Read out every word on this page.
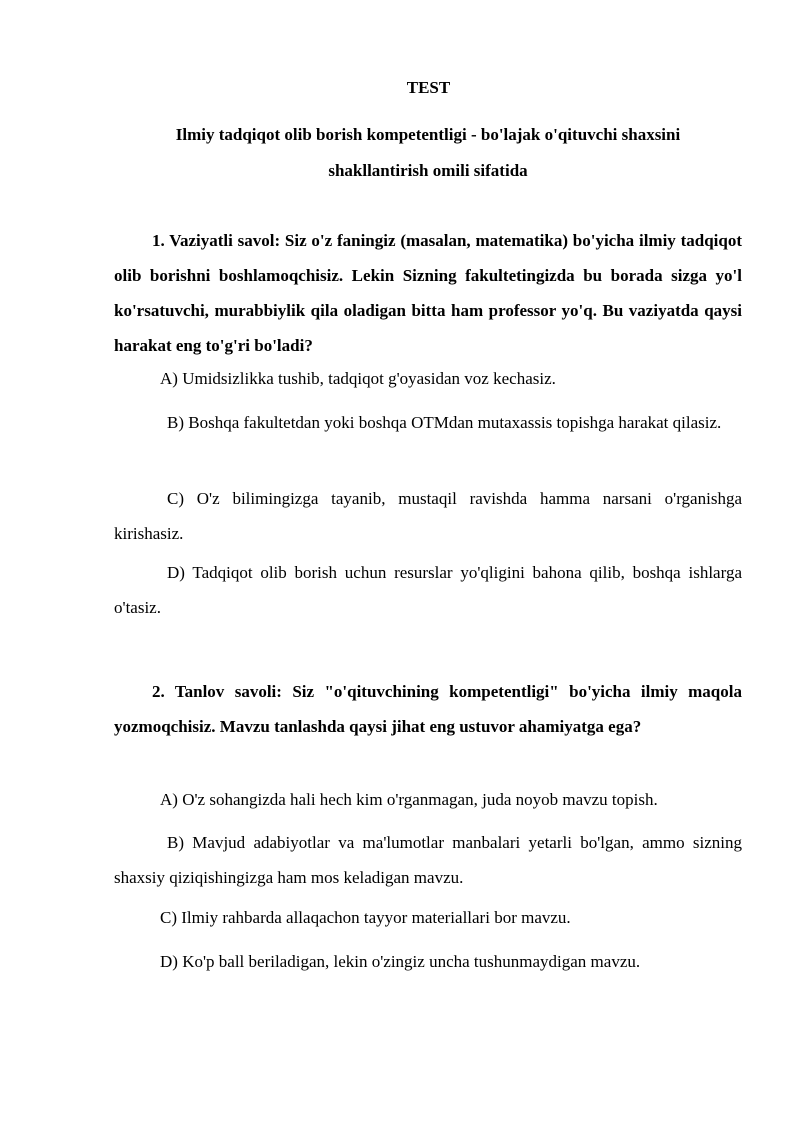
TEST
Ilmiy tadqiqot olib borish kompetentligi - bo'lajak o'qituvchi shaxsini shakllantirish omili sifatida
1. Vaziyatli savol: Siz o'z faningiz (masalan, matematika) bo'yicha ilmiy tadqiqot olib borishni boshlamoqchisiz. Lekin Sizning fakultetingizda bu borada sizga yo'l ko'rsatuvchi, murabbiylik qila oladigan bitta ham professor yo'q. Bu vaziyatda qaysi harakat eng to'g'ri bo'ladi?
A) Umidsizlikka tushib, tadqiqot g'oyasidan voz kechasiz.
B) Boshqa fakultetdan yoki boshqa OTMdan mutaxassis topishga harakat qilasiz.
C) O'z bilimingizga tayanib, mustaqil ravishda hamma narsani o'rganishga kirishasiz.
D) Tadqiqot olib borish uchun resurslar yo'qligini bahona qilib, boshqa ishlarga o'tasiz.
2. Tanlov savoli: Siz "o'qituvchining kompetentligi" bo'yicha ilmiy maqola yozmoqchisiz. Mavzu tanlashda qaysi jihat eng ustuvor ahamiyatga ega?
A) O'z sohangizda hali hech kim o'rganmagan, juda noyob mavzu topish.
B) Mavjud adabiyotlar va ma'lumotlar manbalari yetarli bo'lgan, ammo sizning shaxsiy qiziqishingizga ham mos keladigan mavzu.
C) Ilmiy rahbarda allaqachon tayyor materiallari bor mavzu.
D) Ko'p ball beriladigan, lekin o'zingiz uncha tushunmaydigan mavzu.
